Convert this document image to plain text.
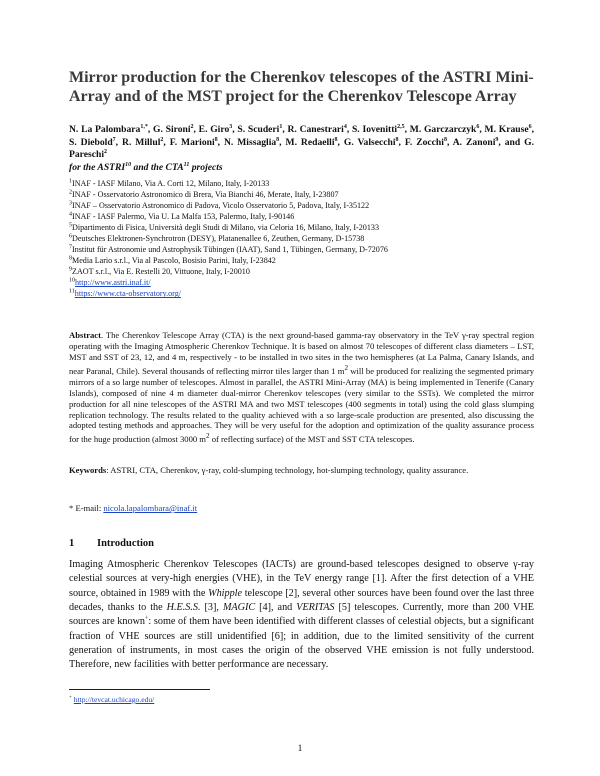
Mirror production for the Cherenkov telescopes of the ASTRI Mini-Array and of the MST project for the Cherenkov Telescope Array
N. La Palombara$^{1,*}$, G. Sironi$^2$, E. Giro$^3$, S. Scuderi$^1$, R. Canestrari$^4$, S. Iovenitti$^{2,5}$, M. Garczarczyk$^6$, M. Krause$^6$, S. Diebold$^7$, R. Millul$^2$, F. Marioni$^8$, N. Missaglia$^8$, M. Redaelli$^8$, G. Valsecchi$^8$, F. Zocchi$^8$, A. Zanoni$^9$, and G. Pareschi$^2$
for the ASTRI$^{10}$ and the CTA$^{11}$ projects
$^1$INAF - IASF Milano, Via A. Corti 12, Milano, Italy, I-20133
$^2$INAF - Osservatorio Astronomico di Brera, Via Bianchi 46, Merate, Italy, I-23807
$^3$INAF – Osservatorio Astronomico di Padova, Vicolo Osservatorio 5, Padova, Italy, I-35122
$^4$INAF - IASF Palermo, Via U. La Malfa 153, Palermo, Italy, I-90146
$^5$Dipartimento di Fisica, Università degli Studi di Milano, via Celoria 16, Milano, Italy, I-20133
$^6$Deutsches Elektronen-Synchrotron (DESY), Platanenallee 6, Zeuthen, Germany, D-15738
$^7$Institut für Astronomie und Astrophysik Tübingen (IAAT), Sand 1, Tübingen, Germany, D-72076
$^8$Media Lario s.r.l., Via al Pascolo, Bosisio Parini, Italy, I-23842
$^9$ZAOT s.r.l., Via E. Restelli 20, Vittuone, Italy, I-20010
$^{10}$http://www.astri.inaf.it/
$^{11}$https://www.cta-observatory.org/
Abstract. The Cherenkov Telescope Array (CTA) is the next ground-based gamma-ray observatory in the TeV γ-ray spectral region operating with the Imaging Atmospheric Cherenkov Technique. It is based on almost 70 telescopes of different class diameters – LST, MST and SST of 23, 12, and 4 m, respectively - to be installed in two sites in the two hemispheres (at La Palma, Canary Islands, and near Paranal, Chile). Several thousands of reflecting mirror tiles larger than 1 $m^2$ will be produced for realizing the segmented primary mirrors of a so large number of telescopes. Almost in parallel, the ASTRI Mini-Array (MA) is being implemented in Tenerife (Canary Islands), composed of nine 4 m diameter dual-mirror Cherenkov telescopes (very similar to the SSTs). We completed the mirror production for all nine telescopes of the ASTRI MA and two MST telescopes (400 segments in total) using the cold glass slumping replication technology. The results related to the quality achieved with a so large-scale production are presented, also discussing the adopted testing methods and approaches. They will be very useful for the adoption and optimization of the quality assurance process for the huge production (almost 3000 $m^2$ of reflecting surface) of the MST and SST CTA telescopes.
Keywords: ASTRI, CTA, Cherenkov, γ-ray, cold-slumping technology, hot-slumping technology, quality assurance.
* E-mail: nicola.lapalombara@inaf.it
1 Introduction
Imaging Atmospheric Cherenkov Telescopes (IACTs) are ground-based telescopes designed to observe γ-ray celestial sources at very-high energies (VHE), in the TeV energy range [1]. After the first detection of a VHE source, obtained in 1989 with the Whipple telescope [2], several other sources have been found over the last three decades, thanks to the H.E.S.S. [3], MAGIC [4], and VERITAS [5] telescopes. Currently, more than 200 VHE sources are known+: some of them have been identified with different classes of celestial objects, but a significant fraction of VHE sources are still unidentified [6]; in addition, due to the limited sensitivity of the current generation of instruments, in most cases the origin of the observed VHE emission is not fully understood. Therefore, new facilities with better performance are necessary.
+ http://tevcat.uchicago.edu/
1
